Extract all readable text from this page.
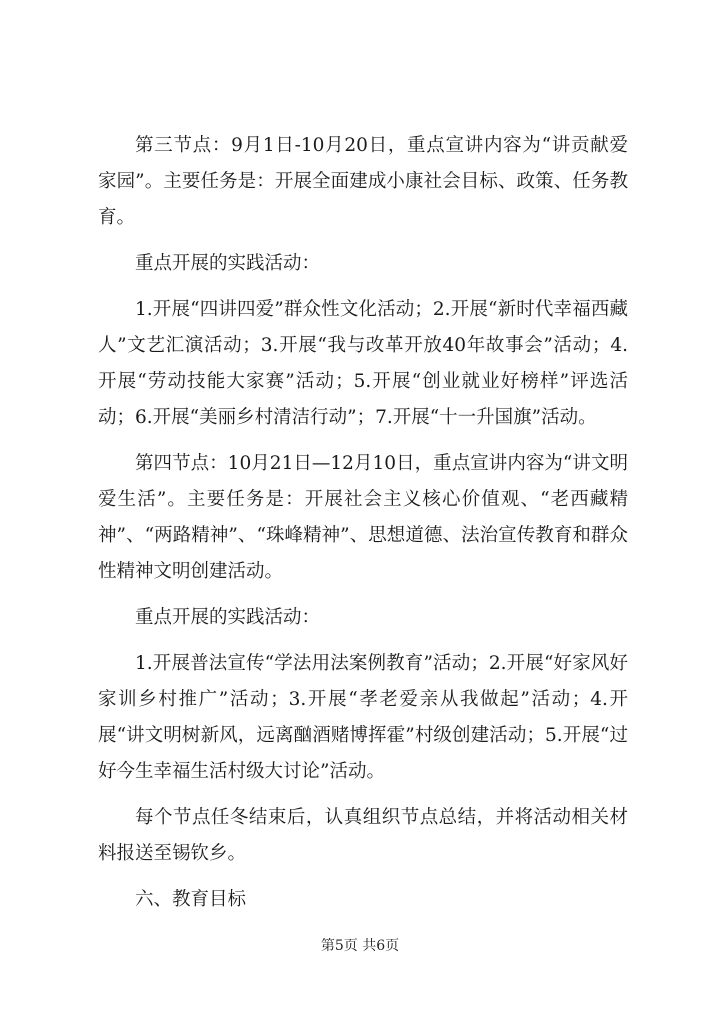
第三节点：9月1日-10月20日，重点宣讲内容为“讲贡献爱家园”。主要任务是：开展全面建成小康社会目标、政策、任务教育。

重点开展的实践活动：

1.开展“四讲四爱”群众性文化活动；2.开展“新时代幸福西藏人”文艺汇演活动；3.开展“我与改革开放40年故事会”活动；4.开展“劳动技能大家赛”活动；5.开展“创业就业好榜样”评选活动；6.开展“美丽乡村清洁行动”；7.开展“十一升国旗”活动。

第四节点：10月21日—12月10日，重点宣讲内容为“讲文明爱生活”。主要任务是：开展社会主义核心价值观、“老西藏精神”、“两路精神”、“珠峰精神”、思想道德、法治宣传教育和群众性精神文明创建活动。

重点开展的实践活动：

1.开展普法宣传“学法用法案例教育”活动；2.开展“好家风好家训乡村推广”活动；3.开展“孝老爱亲从我做起”活动；4.开展“讲文明树新风，远离酗酒赌博挥霍”村级创建活动；5.开展“过好今生幸福生活村级大讨论”活动。

每个节点任冬结束后，认真组织节点总结，并将活动相关材料报送至锡钦乡。

六、教育目标

第5页 共6页
